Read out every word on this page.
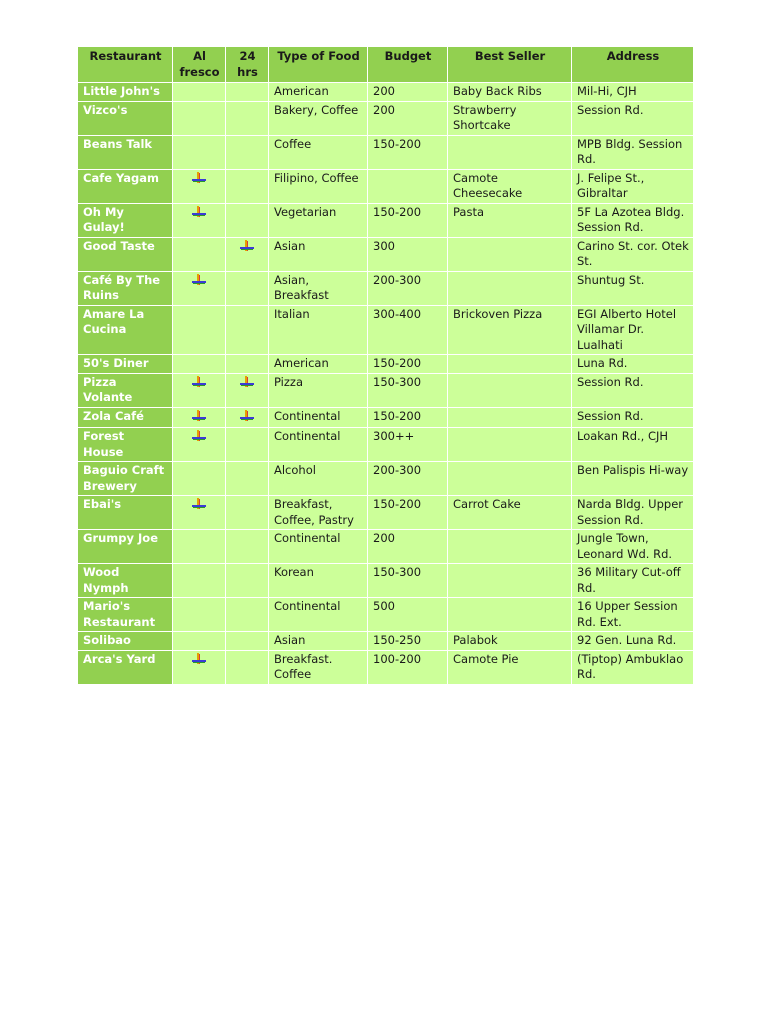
Restaurant	Al fresco	24 hrs	Type of Food	Budget	Best Seller	Address
Little John's			American	200	Baby Back Ribs	Mil-Hi, CJH
Vizco's			Bakery, Coffee	200	Strawberry Shortcake	Session Rd.
Beans Talk			Coffee	150-200		MPB Bldg. Session Rd.
Cafe Yagam			Filipino, Coffee		Camote Cheesecake	J. Felipe St., Gibraltar
Oh My Gulay!			Vegetarian	150-200	Pasta	5F La Azotea Bldg. Session Rd.
Good Taste			Asian	300		Carino St. cor. Otek St.
Café By The Ruins			Asian, Breakfast	200-300		Shuntug St.
Amare La Cucina			Italian	300-400	Brickoven Pizza	EGI Alberto Hotel Villamar Dr. Lualhati
50's Diner			American	150-200		Luna Rd.
Pizza Volante			Pizza	150-300		Session Rd.
Zola Café			Continental	150-200		Session Rd.
Forest House			Continental	300++		Loakan Rd., CJH
Baguio Craft Brewery			Alcohol	200-300		Ben Palispis Hi-way
Ebai's			Breakfast, Coffee, Pastry	150-200	Carrot Cake	Narda Bldg. Upper Session Rd.
Grumpy Joe			Continental	200		Jungle Town, Leonard Wd. Rd.
Wood Nymph			Korean	150-300		36 Military Cut-off Rd.
Mario's Restaurant			Continental	500		16 Upper Session Rd. Ext.
Solibao			Asian	150-250	Palabok	92 Gen. Luna Rd.
Arca's Yard			Breakfast. Coffee	100-200	Camote Pie	(Tiptop) Ambuklao Rd.
